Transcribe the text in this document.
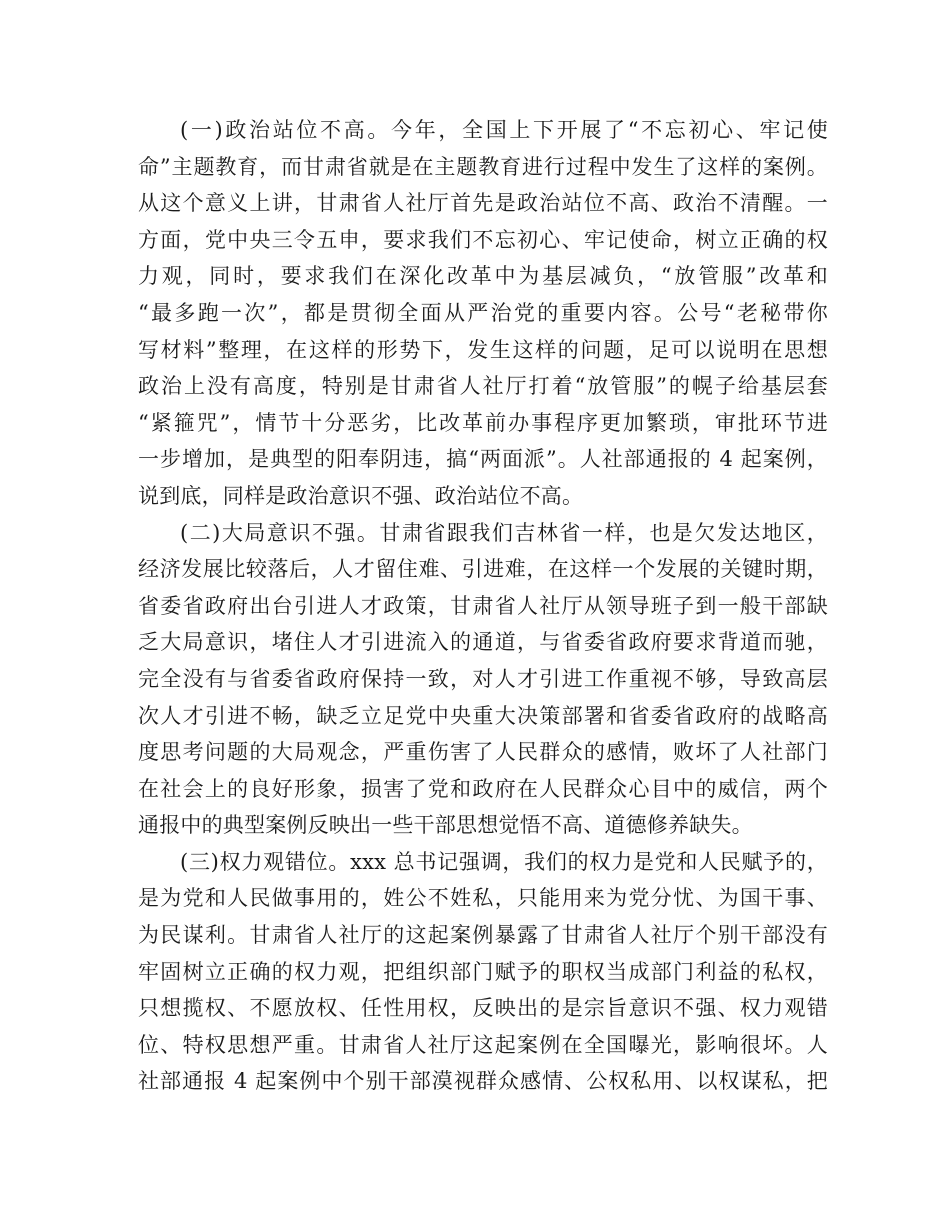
(一)政治站位不高。今年，全国上下开展了“不忘初心、牢记使
命”主题教育，而甘肃省就是在主题教育进行过程中发生了这样的案例。
从这个意义上讲，甘肃省人社厅首先是政治站位不高、政治不清醒。一
方面，党中央三令五申，要求我们不忘初心、牢记使命，树立正确的权
力观，同时，要求我们在深化改革中为基层减负，“放管服”改革和
“最多跑一次”，都是贯彻全面从严治党的重要内容。公号“老秘带你
写材料”整理，在这样的形势下，发生这样的问题，足可以说明在思想
政治上没有高度，特别是甘肃省人社厅打着“放管服”的幌子给基层套
“紧箍咒”，情节十分恶劣，比改革前办事程序更加繁琐，审批环节进
一步增加，是典型的阳奉阴违，搞“两面派”。人社部通报的 4 起案例，
说到底，同样是政治意识不强、政治站位不高。
(二)大局意识不强。甘肃省跟我们吉林省一样，也是欠发达地区，
经济发展比较落后，人才留住难、引进难，在这样一个发展的关键时期，
省委省政府出台引进人才政策，甘肃省人社厅从领导班子到一般干部缺
乏大局意识，堵住人才引进流入的通道，与省委省政府要求背道而驰，
完全没有与省委省政府保持一致，对人才引进工作重视不够，导致高层
次人才引进不畅，缺乏立足党中央重大决策部署和省委省政府的战略高
度思考问题的大局观念，严重伤害了人民群众的感情，败坏了人社部门
在社会上的良好形象，损害了党和政府在人民群众心目中的威信，两个
通报中的典型案例反映出一些干部思想觉悟不高、道德修养缺失。
(三)权力观错位。xxx 总书记强调，我们的权力是党和人民赋予的，
是为党和人民做事用的，姓公不姓私，只能用来为党分忧、为国干事、
为民谋利。甘肃省人社厅的这起案例暴露了甘肃省人社厅个别干部没有
牢固树立正确的权力观，把组织部门赋予的职权当成部门利益的私权，
只想揽权、不愿放权、任性用权，反映出的是宗旨意识不强、权力观错
位、特权思想严重。甘肃省人社厅这起案例在全国曝光，影响很坏。人
社部通报 4 起案例中个别干部漠视群众感情、公权私用、以权谋私，把
